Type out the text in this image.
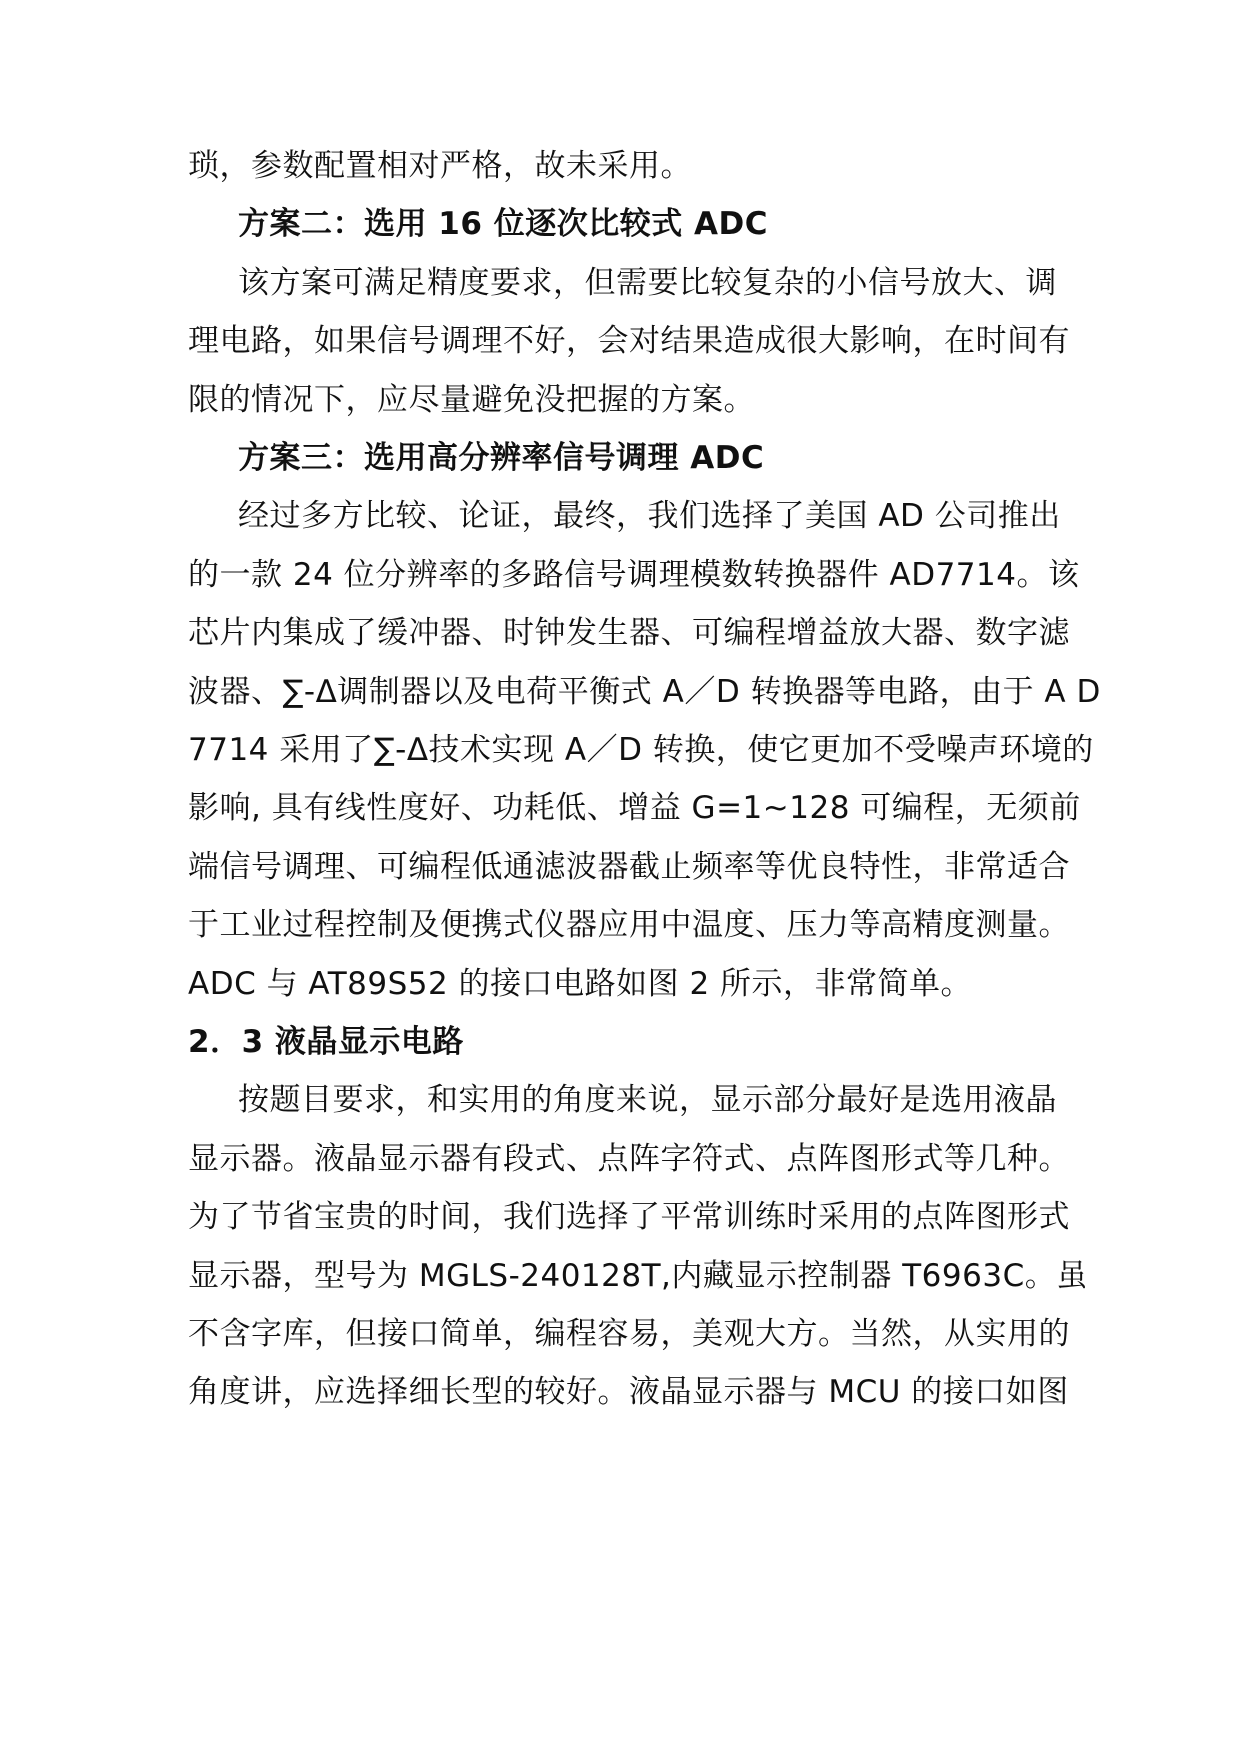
琐，参数配置相对严格，故未采用。
方案二：选用 16 位逐次比较式 ADC
该方案可满足精度要求，但需要比较复杂的小信号放大、调
理电路，如果信号调理不好，会对结果造成很大影响，在时间有
限的情况下，应尽量避免没把握的方案。
方案三：选用高分辨率信号调理 ADC
经过多方比较、论证，最终，我们选择了美国 AD 公司推出
的一款 24 位分辨率的多路信号调理模数转换器件 AD7714。该
芯片内集成了缓冲器、时钟发生器、可编程增益放大器、数字滤
波器、∑-Δ调制器以及电荷平衡式 A／D 转换器等电路，由于 A D
7714 采用了∑-Δ技术实现 A／D 转换，使它更加不受噪声环境的
影响, 具有线性度好、功耗低、增益 G=1~128 可编程，无须前
端信号调理、可编程低通滤波器截止频率等优良特性，非常适合
于工业过程控制及便携式仪器应用中温度、压力等高精度测量。
ADC 与 AT89S52 的接口电路如图 2 所示，非常简单。
2．3 液晶显示电路
按题目要求，和实用的角度来说，显示部分最好是选用液晶
显示器。液晶显示器有段式、点阵字符式、点阵图形式等几种。
为了节省宝贵的时间，我们选择了平常训练时采用的点阵图形式
显示器，型号为 MGLS-240128T,内藏显示控制器 T6963C。虽
不含字库，但接口简单，编程容易，美观大方。当然，从实用的
角度讲，应选择细长型的较好。液晶显示器与 MCU 的接口如图
